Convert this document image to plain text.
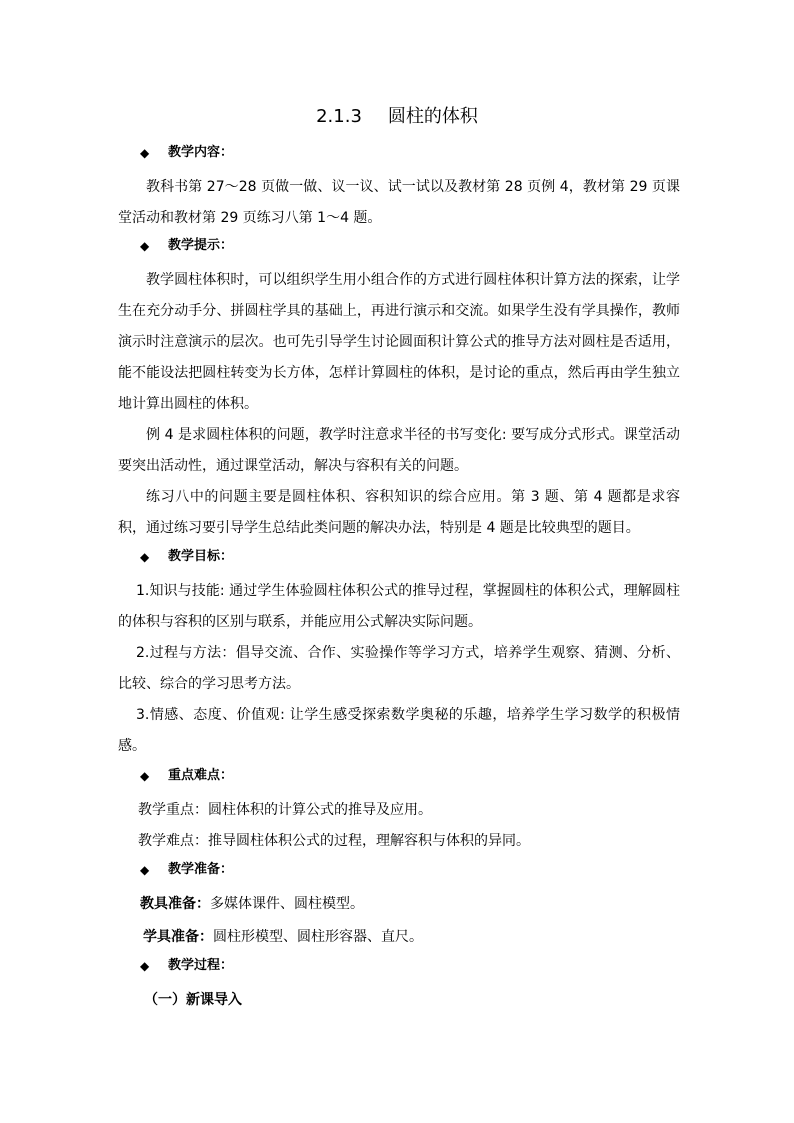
2.1.3 圆柱的体积
◆	教学内容：

教科书第 27～28 页做一做、议一议、试一试以及教材第 28 页例 4，教材第 29 页课堂活动和教材第 29 页练习八第 1～4 题。

◆	教学提示：

教学圆柱体积时，可以组织学生用小组合作的方式进行圆柱体积计算方法的探索，让学生在充分动手分、拼圆柱学具的基础上，再进行演示和交流。如果学生没有学具操作，教师演示时注意演示的层次。也可先引导学生讨论圆面积计算公式的推导方法对圆柱是否适用，能不能设法把圆柱转变为长方体，怎样计算圆柱的体积，是讨论的重点，然后再由学生独立地计算出圆柱的体积。

例 4 是求圆柱体积的问题，教学时注意求半径的书写变化: 要写成分式形式。课堂活动要突出活动性，通过课堂活动，解决与容积有关的问题。

练习八中的问题主要是圆柱体积、容积知识的综合应用。第 3 题、第 4 题都是求容积，通过练习要引导学生总结此类问题的解决办法，特别是 4 题是比较典型的题目。

◆	教学目标：

1.知识与技能: 通过学生体验圆柱体积公式的推导过程，掌握圆柱的体积公式，理解圆柱的体积与容积的区别与联系，并能应用公式解决实际问题。

2.过程与方法：倡导交流、合作、实验操作等学习方式，培养学生观察、猜测、分析、比较、综合的学习思考方法。

3.情感、态度、价值观: 让学生感受探索数学奥秘的乐趣，培养学生学习数学的积极情感。

◆	重点难点：

教学重点：圆柱体积的计算公式的推导及应用。

教学难点：推导圆柱体积公式的过程，理解容积与体积的异同。

◆	教学准备：

教具准备：多媒体课件、圆柱模型。

学具准备：圆柱形模型、圆柱形容器、直尺。

◆	教学过程：

（一）新课导入
